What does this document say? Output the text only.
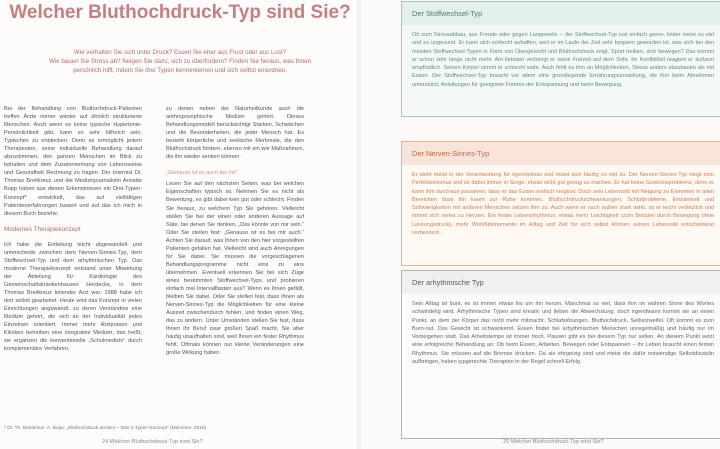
Welcher Bluthochdruck-Typ sind Sie?

Wie verhalten Sie sich unter Druck? Essen Sie eher aus Frust oder aus Lust?

Wie bauen Sie Stress ab? Neigen Sie dazu, sich zu überfordern? Finden Sie heraus, was Ihnen

persönlich hilft, indem Sie drei Typen kennenlernen und sich selbst einordnen.

Bei der Behandlung von Bluthochdruck-Patienten treffen Ärzte immer wieder auf ähnlich strukturierte Menschen. Auch wenn es keine typische Hypertonie-Persönlichkeit gibt, kann es sehr hilfreich sein, Typisches zu entdecken. Denn es ermöglicht jedem Therapeuten, seine individuelle Behandlung darauf abzustimmen, den ganzen Menschen im Blick zu behalten und dem Zusammenhang von Lebensweise und Gesundheit Rechnung zu tragen. Der Internist Dr. Thomas Breitkreuz und die Medizinjournalistin Annette Bopp haben aus diesen Erkenntnissen ein Drei-Typen-Konzept* entwickelt, das auf vielfältigen Patientenerfahrungen basiert und auf das ich mich in diesem Buch beziehe.

Modernes Therapiekonzept

Ich habe die Einteilung leicht abgewandelt und unterscheide zwischen dem Nerven-Sinnes-Typ, dem Stoffwechsel-Typ und dem arhythmischen Typ. Das moderne Therapiekonzept entstand unter Mitwirkung der Abteilung für Kardiologie des Gemeinschaftskrankenhauses Herdecke, in dem Thomas Breitkreuz leitender Arzt war. 1988 habe ich dort selbst gearbeitet. Heute wird das Konzept in vielen Einrichtungen angewandt, zu deren Verständnis eine Medizin gehört, die sich an der Individualität jedes Einzelnen orientiert. Immer mehr Arztpraxen und Kliniken betreiben eine integrative Medizin, das heißt, sie ergänzen die konventionelle „Schulmedizin“ durch komplementäre Verfahren,

zu denen neben der Naturheilkunde auch die anthroposophische Medizin gehört. Dieses Behandlungsmodell berücksichtigt Stärken, Schwächen und die Besonderheiten, die jeder Mensch hat. Es bezieht körperliche und seelische Merkmale, die den Bluthochdruck fördern, ebenso mit ein wie Maßnahmen, die ihn wieder senken können.

„Genauso ist es auch bei mir“

Lesen Sie auf den nächsten Seiten, was bei welchen Eigenschaften typisch ist. Nehmen Sie es nicht als Bewertung, es gibt dabei kein gut oder schlecht. Finden Sie heraus, zu welchem Typ Sie gehören. Vielleicht stellen Sie bei der einen oder anderen Aussage auf Säte, bei denen Sie denken, „Das könnte von mir sein.“ Oder Sie stellen fest: „Genauso ist es bei mir auch.“ Achten Sie darauf, was Ihnen von den hier vorgestellten Patienten gefallen hat. Vielleicht sind auch Anregungen für Sie dabei. Sie müssen die vorgeschlagenen Behandlungsprogramme nicht eins zu eins übernehmen. Eventuell erkennen Sie bei sich Züge eines bestimmten Stoffwechsel-Typs und probieren einfach mal Intervallfasten aus? Wenn es Ihnen gefällt, bleiben Sie dabei. Oder Sie stellen fest, dass Ihnen als Nerven-Sinnes-Typ die Möglichkeiten für eine kleine Auszeit zwischendurch fehlen, und finden einen Weg, das zu ändern. Unter Umständen stellen Sie fest, dass Ihnen Ihr Beruf zwar großen Spaß macht, Sie aber häufig unaufhalten sind, weil Ihnen ein fester Rhythmus fehlt. Oftmals können nur kleine Veränderungen eine große Wirkung haben.

* Dr. Th. Breitkreuz, A. Bopp: „Bluthochdruck senken – Das 3-Typen-Konzept“ (München, 2018)
24 Welcher Bluthochdruck-Typ sind Sie?
Der Stoffwechsel-Typ

Ob zum Stressabbau, aus Freude oder gegen Langeweile – der Stoffwechsel-Typ isst einfach gerne, leider meist zu viel und zu ungesund. Er kann sich schlecht aufraffen, weil er im Laufe der Zeit sehr bequem geworden ist, was sich bei den meisten Stoffwechsel-Typen in Form von Übergewicht und Bluthochdruck zeigt. Sport treiben, sich bewegen? Das kommt er schon sehr lange nicht mehr. Am liebsten verbringt er seine Freizeit auf dem Sofa. Im Konfliktfall reagiert er äußerst empfindlich. Seinen Körper nimmt er schlecht wahr. Auch fehlt es ihm an Möglichkeiten, Stress anders abzubauen als mit Essen. Der Stoffwechsel-Typ braucht vor allem eine grundlegende Ernährungsumstellung, die ihm beim Abnehmen unterstützt, Anleitungen für geeignete Formen der Entspannung und mehr Bewegung.

Der Nerven-Sinnes-Typ

Er steht meist in der Verantwortung für irgendetwas und mutet sich häufig zu viel zu. Der Nerven-Sinnes-Typ neigt zum Perfektionismus und ist dabei immer in Sorge, etwas nicht gut genug zu machen. Er hat keine Gewichtsprobleme, denn er kann ihm durchaus passieren, dass er das Essen einfach vergisst. Doch sein Lebensstil mit Neigung zu Extremen in allen Bereichen lässt ihn kaum zur Ruhe kommen. Bluthochdruckschwankungen, Schlafprobleme, Einsamkeit und Schwierigkeiten mit anderen Menschen setzen ihm zu. Auch wenn er nach außen stark wirkt, ist er leicht verletzlich und nimmt sich vieles zu Herzen. Ein fester Lebensrhythmus, etwas mehr Leichtigkeit (zum Beispiel durch Bewegung ohne Leistungsdruck), mehr Wohlfühlmomente im Alltag und Zeit für sich selbst können seinen Lebensstil entscheidend verbessern.

Der arhythmische Typ

Sein Alltag ist bunt, es ist immer etwas los um ihn herum. Manchmal so viel, dass ihm im wahren Sinne des Wortes schwindelig wird. Arhythmische Typen sind kreativ und lieben die Abwechslung, doch irgendwann kommt sie an einen Punkt, an dem der Körper das nicht mehr mitmacht. Schlafstörungen, Bluthochdruck, Selbstzweifel. Oft kommt es zum Burn-out. Das Gewicht ist schwankend. Essen findet bei arhythmischen Menschen unregelmäßig und häufig nur im Vorbeigehen statt. Das Arbeitstempo ist immer hoch. Pausen gibt es bei diesem Typ nur selten. An diesem Punkt setzt eine erfolgreiche Behandlung an: Ob beim Essen, Arbeiten, Bewegen oder Entspannen – ihr Leben braucht einen festen Rhythmus. Sie müssen auf die Bremse drücken. Da sie ehrgeizig sind und meist die dafür notwendige Selbstdisziplin aufbringen, haben typgerechte Therapien in der Regel schnell Erfolg.

25 Welcher Bluthochdruck-Typ sind Sie?
